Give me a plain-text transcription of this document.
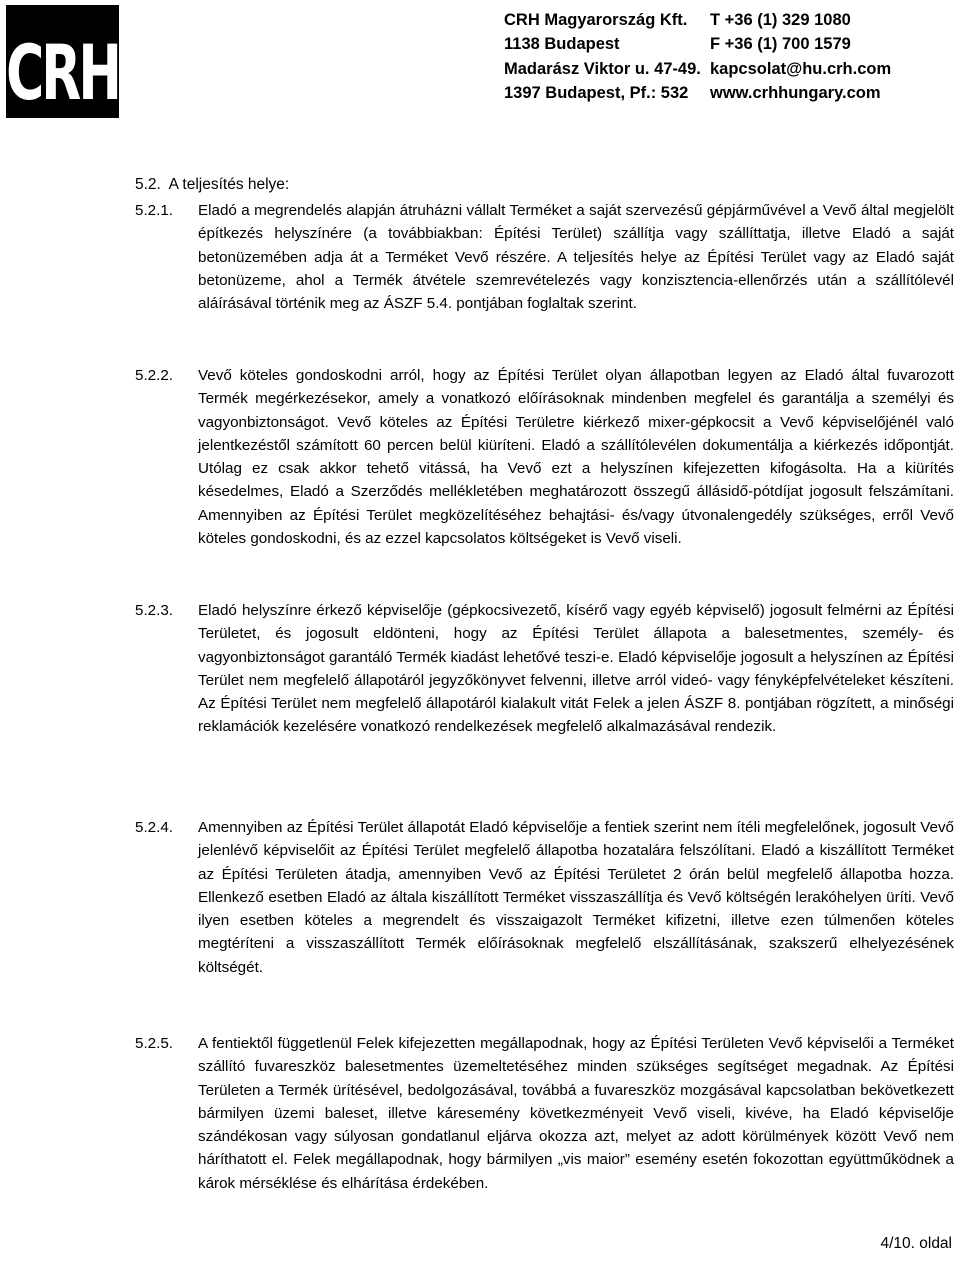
CRH
CRH Magyarország Kft.
1138 Budapest
Madarász Viktor u. 47-49.
1397 Budapest, Pf.: 532
T +36 (1) 329 1080
F +36 (1) 700 1579
kapcsolat@hu.crh.com
www.crhhungary.com
5.2.  A teljesítés helye:
5.2.1. Eladó a megrendelés alapján átruházni vállalt Terméket a saját szervezésű gépjárművével a Vevő által megjelölt építkezés helyszínére (a továbbiakban: Építési Terület) szállítja vagy szállíttatja, illetve Eladó a saját betonüzemében adja át a Terméket Vevő részére. A teljesítés helye az Építési Terület vagy az Eladó saját betonüzeme, ahol a Termék átvétele szemrevételezés vagy konzisztencia-ellenőrzés után a szállítólevél aláírásával történik meg az ÁSZF 5.4. pontjában foglaltak szerint.
5.2.2. Vevő köteles gondoskodni arról, hogy az Építési Terület olyan állapotban legyen az Eladó által fuvarozott Termék megérkezésekor, amely a vonatkozó előírásoknak mindenben megfelel és garantálja a személyi és vagyonbiztonságot. Vevő köteles az Építési Területre kiérkező mixer-gépkocsit a Vevő képviselőjénél való jelentkezéstől számított 60 percen belül kiüríteni. Eladó a szállítólevélen dokumentálja a kiérkezés időpontját. Utólag ez csak akkor tehető vitássá, ha Vevő ezt a helyszínen kifejezetten kifogásolta. Ha a kiürítés késedelmes, Eladó a Szerződés mellékletében meghatározott összegű állásidő-pótdíjat jogosult felszámítani. Amennyiben az Építési Terület megközelítéséhez behajtási- és/vagy útvonalengedély szükséges, erről Vevő köteles gondoskodni, és az ezzel kapcsolatos költségeket is Vevő viseli.
5.2.3. Eladó helyszínre érkező képviselője (gépkocsivezető, kísérő vagy egyéb képviselő) jogosult felmérni az Építési Területet, és jogosult eldönteni, hogy az Építési Terület állapota a balesetmentes, személy- és vagyonbiztonságot garantáló Termék kiadást lehetővé teszi-e. Eladó képviselője jogosult a helyszínen az Építési Terület nem megfelelő állapotáról jegyzőkönyvet felvenni, illetve arról videó- vagy fényképfelvételeket készíteni. Az Építési Terület nem megfelelő állapotáról kialakult vitát Felek a jelen ÁSZF 8. pontjában rögzített, a minőségi reklamációk kezelésére vonatkozó rendelkezések megfelelő alkalmazásával rendezik.
5.2.4. Amennyiben az Építési Terület állapotát Eladó képviselője a fentiek szerint nem ítéli megfelelőnek, jogosult Vevő jelenlévő képviselőit az Építési Terület megfelelő állapotba hozatalára felszólítani. Eladó a kiszállított Terméket az Építési Területen átadja, amennyiben Vevő az Építési Területet 2 órán belül megfelelő állapotba hozza. Ellenkező esetben Eladó az általa kiszállított Terméket visszaszállítja és Vevő költségén lerakóhelyen üríti. Vevő ilyen esetben köteles a megrendelt és visszaigazolt Terméket kifizetni, illetve ezen túlmenően köteles megtéríteni a visszaszállított Termék előírásoknak megfelelő elszállításának, szakszerű elhelyezésének költségét.
5.2.5. A fentiektől függetlenül Felek kifejezetten megállapodnak, hogy az Építési Területen Vevő képviselői a Terméket szállító fuvareszköz balesetmentes üzemeltetéséhez minden szükséges segítséget megadnak. Az Építési Területen a Termék ürítésével, bedolgozásával, továbbá a fuvareszköz mozgásával kapcsolatban bekövetkezett bármilyen üzemi baleset, illetve káresemény következményeit Vevő viseli, kivéve, ha Eladó képviselője szándékosan vagy súlyosan gondatlanul eljárva okozza azt, melyet az adott körülmények között Vevő nem háríthatott el. Felek megállapodnak, hogy bármilyen „vis maior” esemény esetén fokozottan együttműködnek a károk mérséklése és elhárítása érdekében.
4/10. oldal
